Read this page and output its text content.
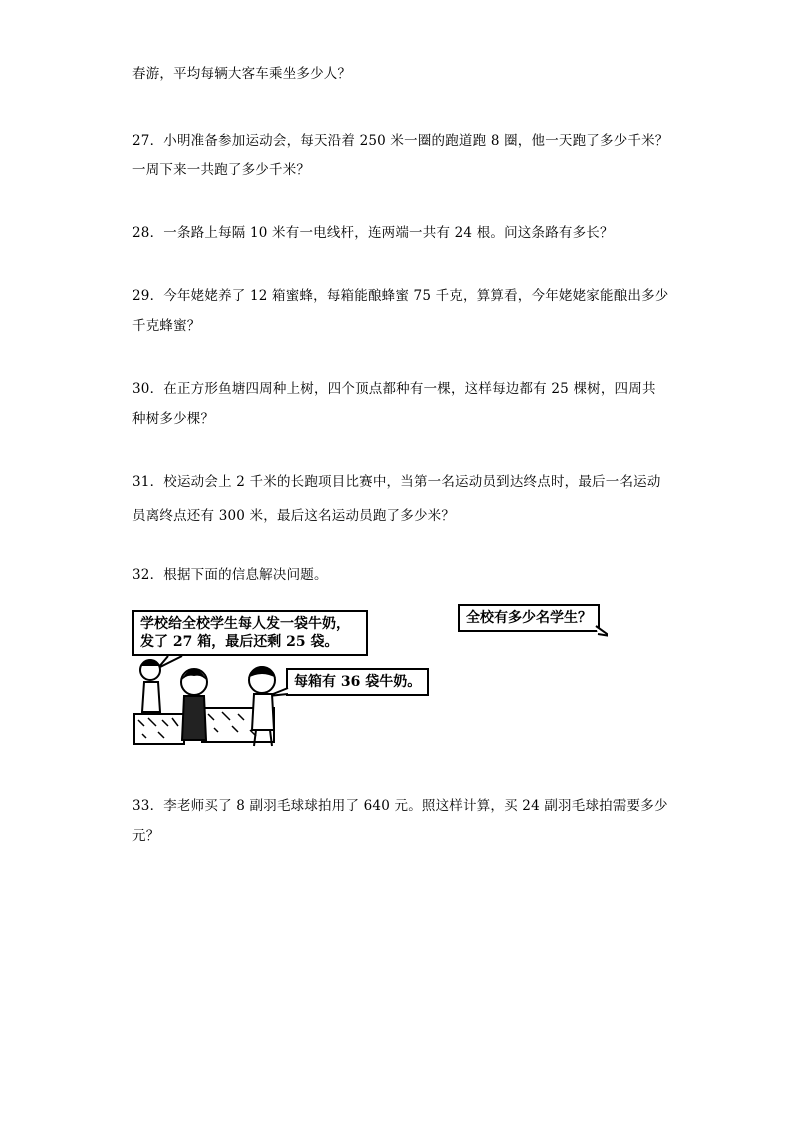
春游，平均每辆大客车乘坐多少人？
27．小明准备参加运动会，每天沿着 250 米一圈的跑道跑 8 圈，他一天跑了多少千米？
一周下来一共跑了多少千米？
28．一条路上每隔 10 米有一电线杆，连两端一共有 24 根。问这条路有多长？
29．今年姥姥养了 12 箱蜜蜂，每箱能酿蜂蜜 75 千克，算算看，今年姥姥家能酿出多少
千克蜂蜜？
30．在正方形鱼塘四周种上树，四个顶点都种有一棵，这样每边都有 25 棵树，四周共
种树多少棵？
31．校运动会上 2 千米的长跑项目比赛中，当第一名运动员到达终点时，最后一名运动
员离终点还有 300 米，最后这名运动员跑了多少米？
32．根据下面的信息解决问题。
学校给全校学生每人发一袋牛奶，
发了 27 箱，最后还剩 25 袋。
每箱有 36 袋牛奶。
全校有多少名学生？
33．李老师买了 8 副羽毛球球拍用了 640 元。照这样计算，买 24 副羽毛球拍需要多少
元？
